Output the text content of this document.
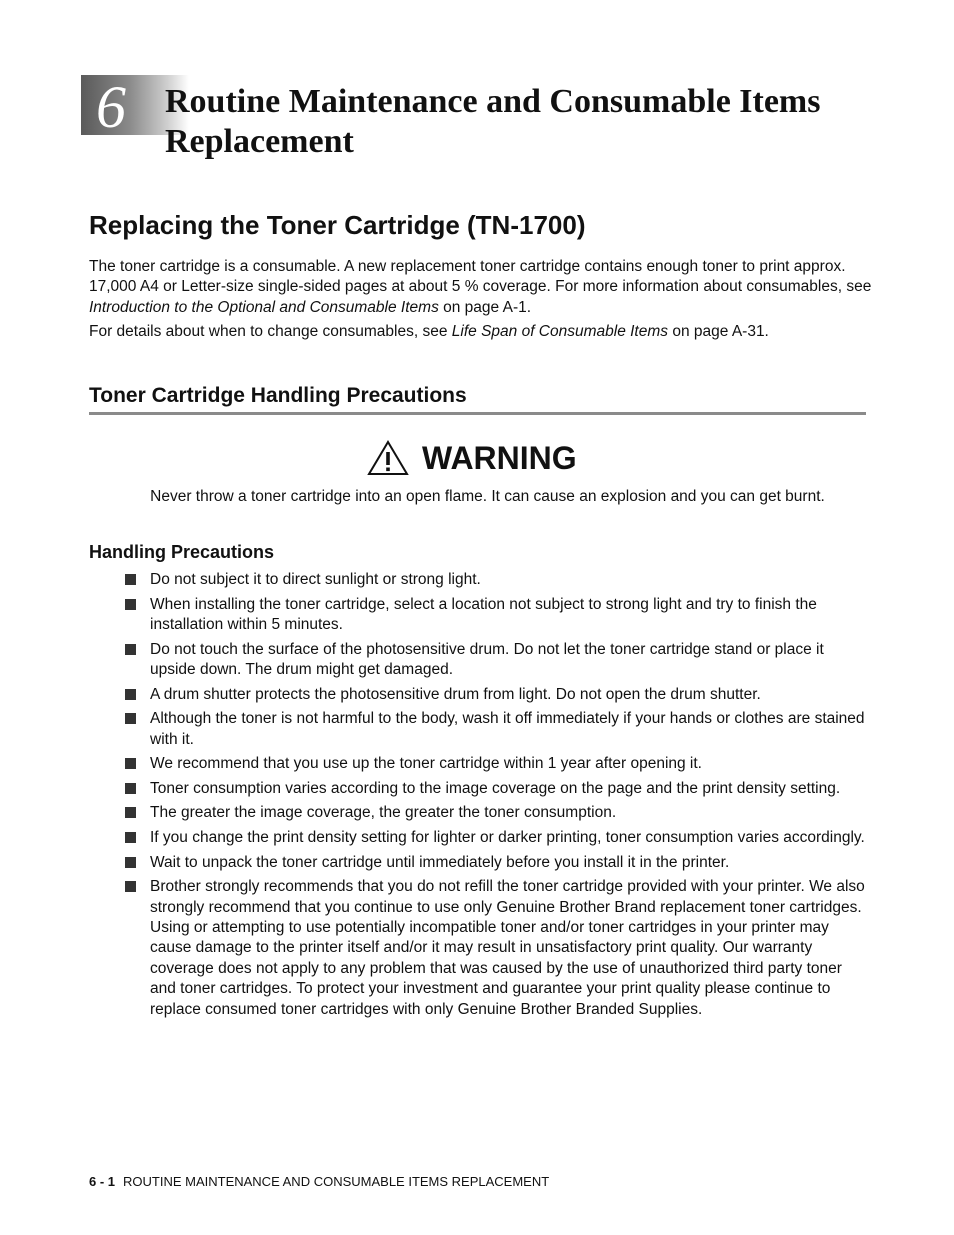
6 Routine Maintenance and Consumable Items Replacement
Replacing the Toner Cartridge (TN-1700)

The toner cartridge is a consumable. A new replacement toner cartridge contains enough toner to print approx. 17,000 A4 or Letter-size single-sided pages at about 5 % coverage. For more information about consumables, see Introduction to the Optional and Consumable Items on page A-1.

For details about when to change consumables, see Life Span of Consumable Items on page A-31.

Toner Cartridge Handling Precautions
WARNING

Never throw a toner cartridge into an open flame. It can cause an explosion and you can get burnt.

Handling Precautions
Do not subject it to direct sunlight or strong light.
When installing the toner cartridge, select a location not subject to strong light and try to finish the installation within 5 minutes.
Do not touch the surface of the photosensitive drum. Do not let the toner cartridge stand or place it upside down. The drum might get damaged.
A drum shutter protects the photosensitive drum from light. Do not open the drum shutter.
Although the toner is not harmful to the body, wash it off immediately if your hands or clothes are stained with it.
We recommend that you use up the toner cartridge within 1 year after opening it.
Toner consumption varies according to the image coverage on the page and the print density setting.
The greater the image coverage, the greater the toner consumption.
If you change the print density setting for lighter or darker printing, toner consumption varies accordingly.
Wait to unpack the toner cartridge until immediately before you install it in the printer.
Brother strongly recommends that you do not refill the toner cartridge provided with your printer. We also strongly recommend that you continue to use only Genuine Brother Brand replacement toner cartridges. Using or attempting to use potentially incompatible toner and/or toner cartridges in your printer may cause damage to the printer itself and/or it may result in unsatisfactory print quality. Our warranty coverage does not apply to any problem that was caused by the use of unauthorized third party toner and toner cartridges. To protect your investment and guarantee your print quality please continue to replace consumed toner cartridges with only Genuine Brother Branded Supplies.

6 - 1 ROUTINE MAINTENANCE AND CONSUMABLE ITEMS REPLACEMENT
